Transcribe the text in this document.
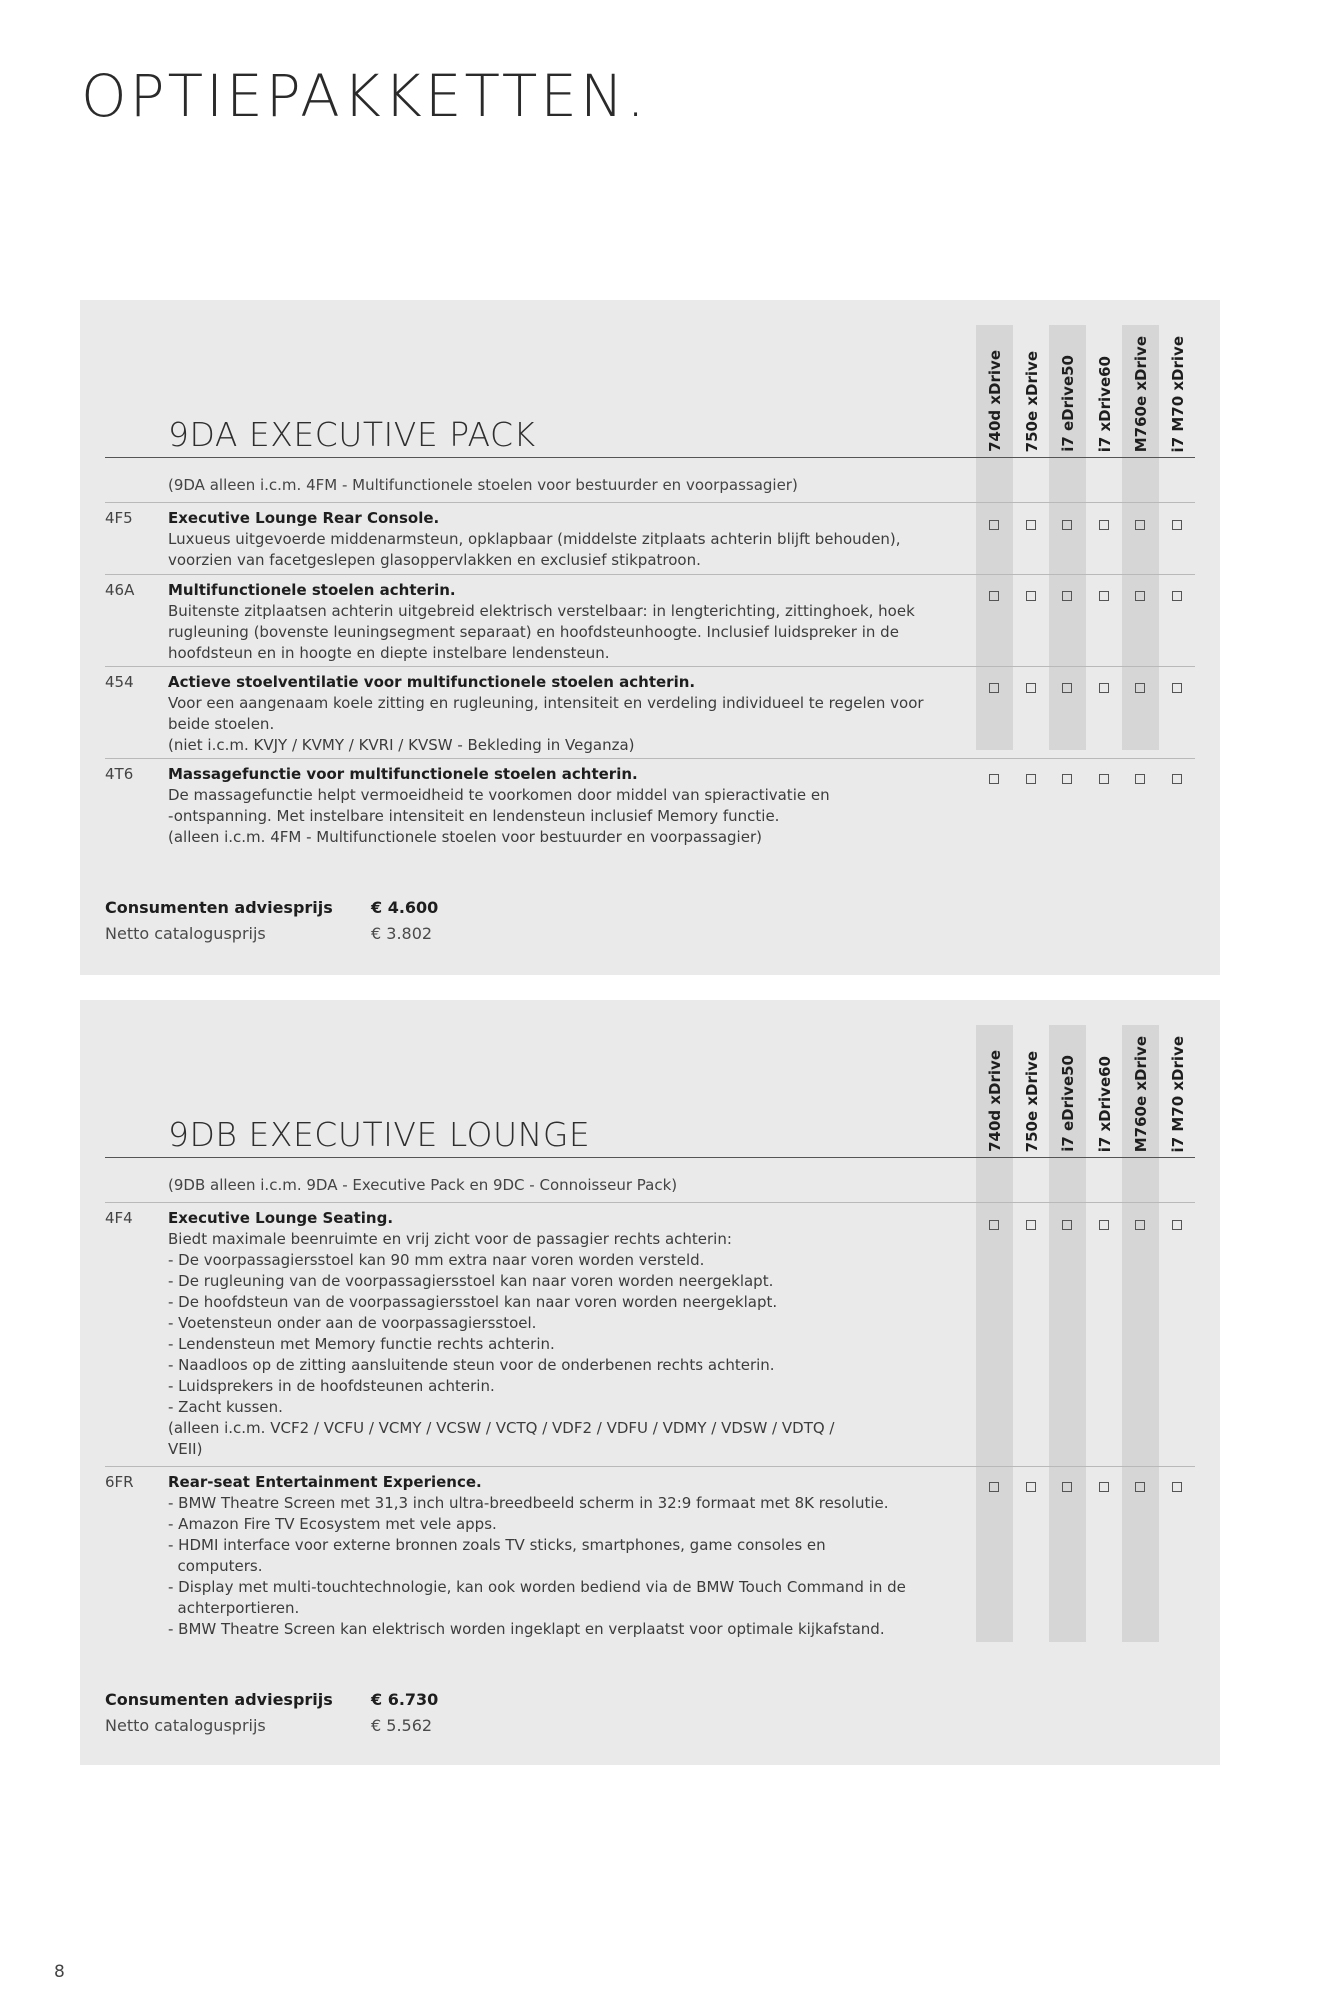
OPTIEPAKKETTEN.
740d xDrive 750e xDrive i7 eDrive50 i7 xDrive60 M760e xDrive i7 M70 xDrive
9DA EXECUTIVE PACK
(9DA alleen i.c.m. 4FM - Multifunctionele stoelen voor bestuurder en voorpassagier)
4F5 Executive Lounge Rear Console.
Luxueus uitgevoerde middenarmsteun, opklapbaar (middelste zitplaats achterin blijft behouden),
voorzien van facetgeslepen glasoppervlakken en exclusief stikpatroon.
46A Multifunctionele stoelen achterin.
Buitenste zitplaatsen achterin uitgebreid elektrisch verstelbaar: in lengterichting, zittinghoek, hoek
rugleuning (bovenste leuningsegment separaat) en hoofdsteunhoogte. Inclusief luidspreker in de
hoofdsteun en in hoogte en diepte instelbare lendensteun.
454 Actieve stoelventilatie voor multifunctionele stoelen achterin.
Voor een aangenaam koele zitting en rugleuning, intensiteit en verdeling individueel te regelen voor
beide stoelen.
(niet i.c.m. KVJY / KVMY / KVRI / KVSW - Bekleding in Veganza)
4T6 Massagefunctie voor multifunctionele stoelen achterin.
De massagefunctie helpt vermoeidheid te voorkomen door middel van spieractivatie en
-ontspanning. Met instelbare intensiteit en lendensteun inclusief Memory functie.
(alleen i.c.m. 4FM - Multifunctionele stoelen voor bestuurder en voorpassagier)
Consumenten adviesprijs € 4.600
Netto catalogusprijs	€ 3.802
740d xDrive 750e xDrive i7 eDrive50 i7 xDrive60 M760e xDrive i7 M70 xDrive
9DB EXECUTIVE LOUNGE
(9DB alleen i.c.m. 9DA - Executive Pack en 9DC - Connoisseur Pack)
4F4 Executive Lounge Seating.
Biedt maximale beenruimte en vrij zicht voor de passagier rechts achterin:
- De voorpassagiersstoel kan 90 mm extra naar voren worden versteld.
- De rugleuning van de voorpassagiersstoel kan naar voren worden neergeklapt.
- De hoofdsteun van de voorpassagiersstoel kan naar voren worden neergeklapt.
- Voetensteun onder aan de voorpassagiersstoel.
- Lendensteun met Memory functie rechts achterin.
- Naadloos op de zitting aansluitende steun voor de onderbenen rechts achterin.
- Luidsprekers in de hoofdsteunen achterin.
- Zacht kussen.
(alleen i.c.m. VCF2 / VCFU / VCMY / VCSW / VCTQ / VDF2 / VDFU / VDMY / VDSW / VDTQ /
VEII)
6FR Rear-seat Entertainment Experience.
- BMW Theatre Screen met 31,3 inch ultra-breedbeeld scherm in 32:9 formaat met 8K resolutie.
- Amazon Fire TV Ecosystem met vele apps.
- HDMI interface voor externe bronnen zoals TV sticks, smartphones, game consoles en
computers.
- Display met multi-touchtechnologie, kan ook worden bediend via de BMW Touch Command in de
achterportieren.
- BMW Theatre Screen kan elektrisch worden ingeklapt en verplaatst voor optimale kijkafstand.
Consumenten adviesprijs € 6.730
Netto catalogusprijs	€ 5.562
8
